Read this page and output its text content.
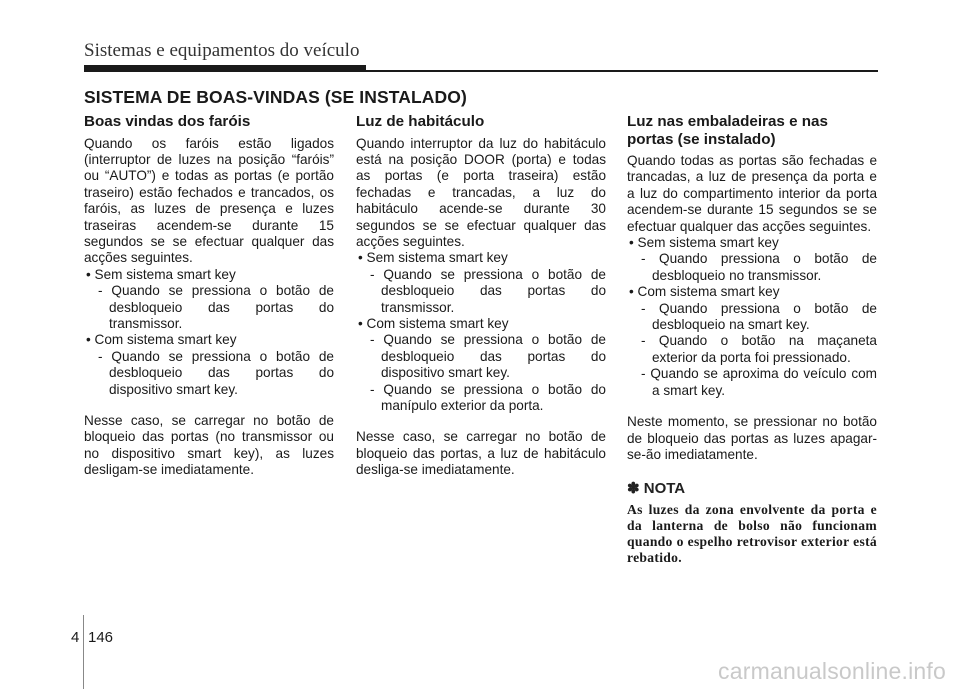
Sistemas e equipamentos do veículo
SISTEMA DE BOAS-VINDAS (SE INSTALADO)
Boas vindas dos faróis

Quando os faróis estão ligados (interruptor de luzes na posição “faróis” ou “AUTO”) e todas as portas (e portão traseiro) estão fechados e trancados, os faróis, as luzes de presença e luzes traseiras acendem-se durante 15 segundos se se efectuar qualquer das acções seguintes.

• Sem sistema smart key

- Quando se pressiona o botão de desbloqueio das portas do transmissor.

• Com sistema smart key

- Quando se pressiona o botão de desbloqueio das portas do dispositivo smart key.

Nesse caso, se carregar no botão de bloqueio das portas (no transmissor ou no dispositivo smart key), as luzes desligam-se imediatamente.

Luz de habitáculo

Quando interruptor da luz do habitáculo está na posição DOOR (porta) e todas as portas (e porta traseira) estão fechadas e trancadas, a luz do habitáculo acende-se durante 30 segundos se se efectuar qualquer das acções seguintes.

• Sem sistema smart key

- Quando se pressiona o botão de desbloqueio das portas do transmissor.

• Com sistema smart key

- Quando se pressiona o botão de desbloqueio das portas do dispositivo smart key.

- Quando se pressiona o botão do manípulo exterior da porta.

Nesse caso, se carregar no botão de bloqueio das portas, a luz de habitáculo desliga-se imediatamente.

Luz nas embaladeiras e nas portas (se instalado)

Quando todas as portas são fechadas e trancadas, a luz de presença da porta e a luz do compartimento interior da porta acendem-se durante 15 segundos se se efectuar qualquer das acções seguintes.

• Sem sistema smart key

- Quando pressiona o botão de desbloqueio no transmissor.

• Com sistema smart key

- Quando pressiona o botão de desbloqueio na smart key.

- Quando o botão na maçaneta exterior da porta foi pressionado.

- Quando se aproxima do veículo com a smart key.

Neste momento, se pressionar no botão de bloqueio das portas as luzes apagar-se-ão imediatamente.

✽ NOTA

As luzes da zona envolvente da porta e da lanterna de bolso não funcionam quando o espelho retrovisor exterior está rebatido.

4 146
carmanualsonline.info
